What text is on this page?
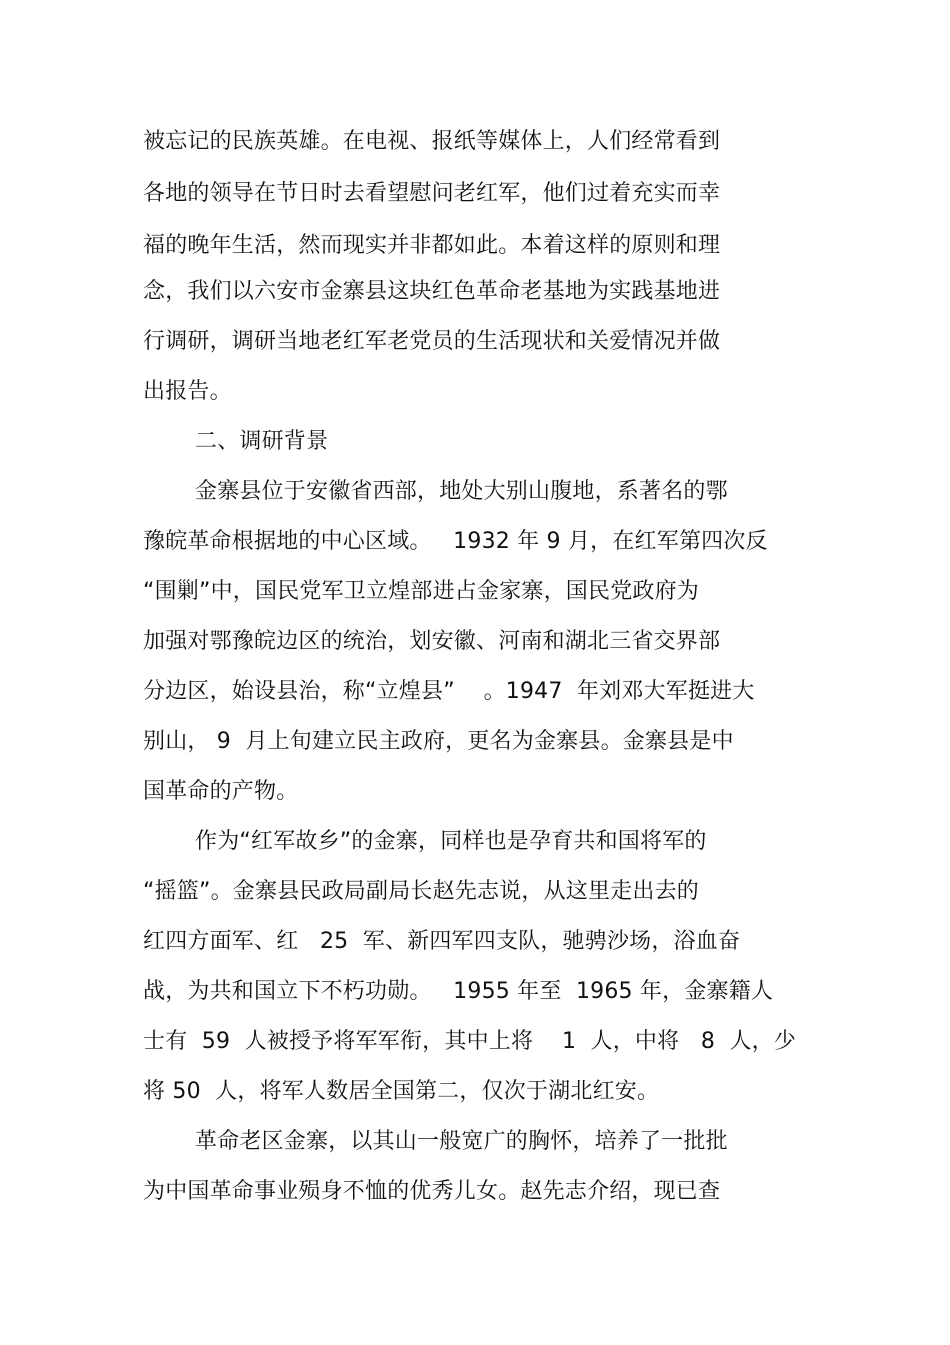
被忘记的民族英雄。在电视、报纸等媒体上，人们经常看到
各地的领导在节日时去看望慰问老红军，他们过着充实而幸
福的晚年生活，然而现实并非都如此。本着这样的原则和理
念，我们以六安市金寨县这块红色革命老基地为实践基地进
行调研，调研当地老红军老党员的生活现状和关爱情况并做
出报告。
二、调研背景
金寨县位于安徽省西部，地处大别山腹地，系著名的鄂
豫皖革命根据地的中心区域。   1932 年 9 月，在红军第四次反
“围剿”中，国民党军卫立煌部进占金家寨，国民党政府为
加强对鄂豫皖边区的统治，划安徽、河南和湖北三省交界部
分边区，始设县治，称“立煌县”    。1947  年刘邓大军挺进大
别山， 9  月上旬建立民主政府，更名为金寨县。金寨县是中
国革命的产物。
作为“红军故乡”的金寨，同样也是孕育共和国将军的
“摇篮”。金寨县民政局副局长赵先志说，从这里走出去的
红四方面军、红   25  军、新四军四支队，驰骋沙场，浴血奋
战，为共和国立下不朽功勋。   1955 年至  1965 年，金寨籍人
士有  59  人被授予将军军衔，其中上将    1  人，中将   8  人，少
将 50  人，将军人数居全国第二，仅次于湖北红安。
革命老区金寨，以其山一般宽广的胸怀，培养了一批批
为中国革命事业殒身不恤的优秀儿女。赵先志介绍，现已查
